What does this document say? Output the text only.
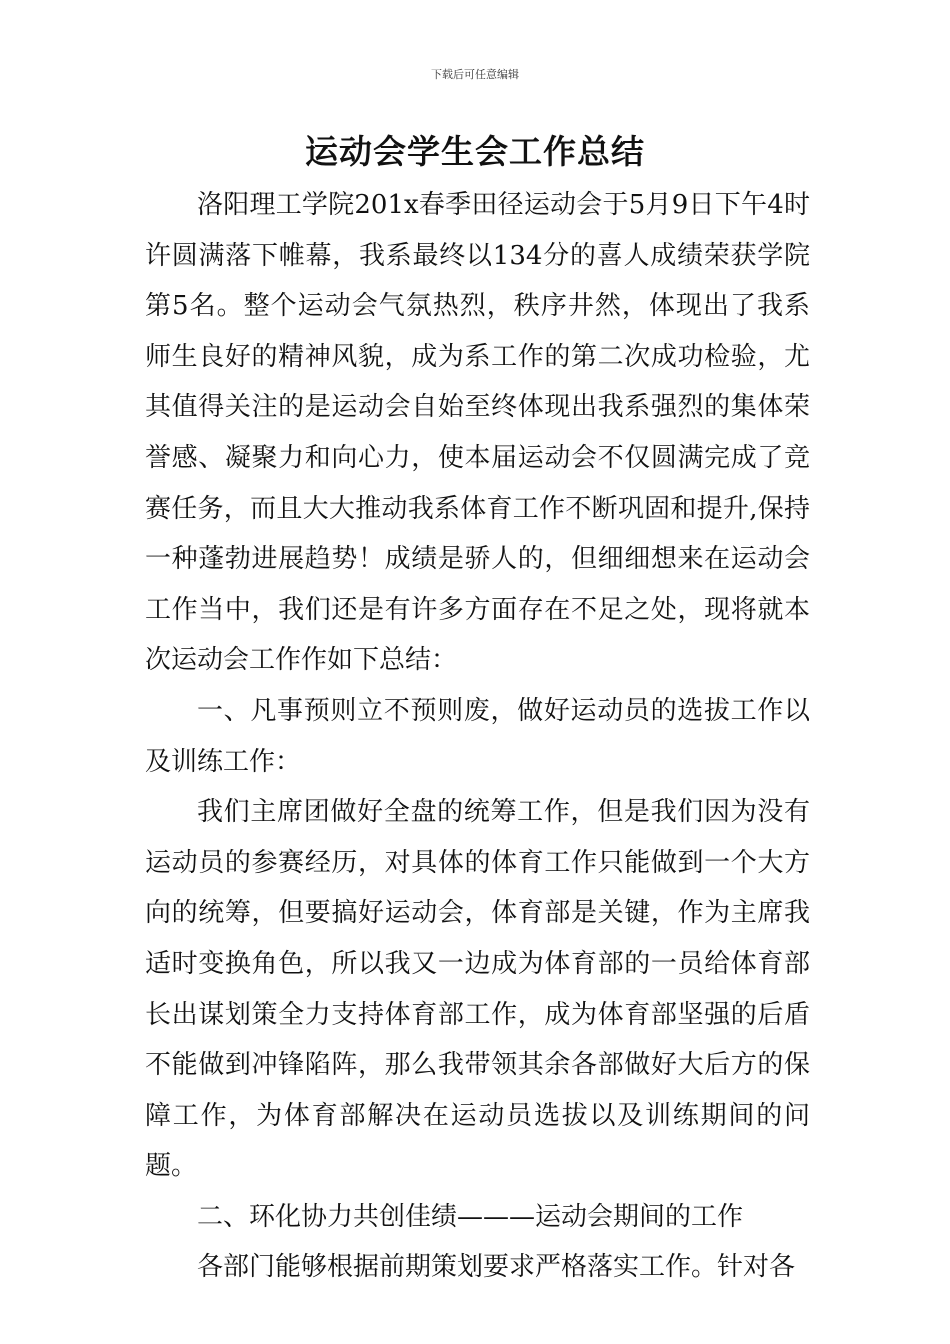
下载后可任意编辑
运动会学生会工作总结

洛阳理工学院201x春季田径运动会于5月9日下午4时许圆满落下帷幕，我系最终以134分的喜人成绩荣获学院第5名。整个运动会气氛热烈，秩序井然，体现出了我系师生良好的精神风貌，成为系工作的第二次成功检验，尤其值得关注的是运动会自始至终体现出我系强烈的集体荣誉感、凝聚力和向心力，使本届运动会不仅圆满完成了竞赛任务，而且大大推动我系体育工作不断巩固和提升,保持一种蓬勃进展趋势！成绩是骄人的，但细细想来在运动会工作当中，我们还是有许多方面存在不足之处，现将就本次运动会工作作如下总结：

一、凡事预则立不预则废，做好运动员的选拔工作以及训练工作：

我们主席团做好全盘的统筹工作，但是我们因为没有运动员的参赛经历，对具体的体育工作只能做到一个大方向的统筹，但要搞好运动会，体育部是关键，作为主席我适时变换角色，所以我又一边成为体育部的一员给体育部长出谋划策全力支持体育部工作，成为体育部坚强的后盾不能做到冲锋陷阵，那么我带领其余各部做好大后方的保障工作，为体育部解决在运动员选拔以及训练期间的问题。

二、环化协力共创佳绩———运动会期间的工作

各部门能够根据前期策划要求严格落实工作。针对各
